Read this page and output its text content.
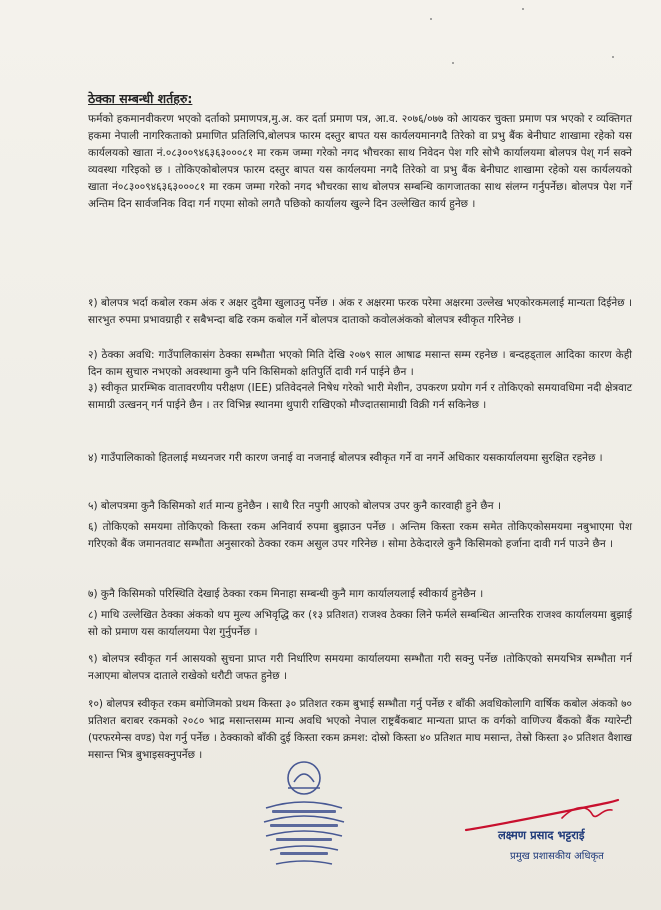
ठेक्का सम्बन्धी शर्तहरु:

फर्मको हकमानवीकरण भएको दर्ताको प्रमाणपत्र,मु.अ. कर दर्ता प्रमाण पत्र, आ.व. २०७६/०७७ को आयकर चुक्ता प्रमाण पत्र भएको र व्यक्तिगत हकमा नेपाली नागरिकताको प्रमाणित प्रतिलिपि,बोलपत्र फारम दस्तुर बापत यस कार्यलयमानगदै तिरेको वा प्रभु बैंक बेनीघाट शाखामा रहेको यस कार्यलयको खाता नं.०८३००९४६३६३०००८१ मा रकम जम्मा गरेको नगद भौचरका साथ निवेदन पेश गरि सोभै कार्यालयमा बोलपत्र पेश् गर्न सक्ने व्यवस्था गरिइको छ । तोकिएकोबोलपत्र फारम दस्तुर बापत यस कार्यलयमा नगदै तिरेको वा प्रभु बैंक बेनीघाट शाखामा रहेको यस कार्यलयको खाता नं०८३००९४६३६३०००८१ मा रकम जम्मा गरेको नगद भौचरका साथ बोलपत्र सम्बन्धि कागजातका साथ संलग्न गर्नुपर्नेछ। बोलपत्र पेश गर्ने अन्तिम दिन सार्वजनिक विदा गर्न गएमा सोको लगतै पछिको कार्यालय खुल्ने दिन उल्लेखित कार्य हुनेछ ।

१) बोलपत्र भर्दा कबोल रकम अंक र अक्षर दुवैमा खुलाउनु पर्नेछ । अंक र अक्षरमा फरक परेमा अक्षरमा उल्लेख भएकोरकमलाई मान्यता दिईनेछ । सारभुत रुपमा प्रभावग्राही र सबैभन्दा बढि रकम कबोल गर्ने बोलपत्र दाताको कवोलअंकको बोलपत्र स्वीकृत गरिनेछ ।

२) ठेक्का अवधि: गाउँपालिकासंग ठेक्का सम्भौता भएको मिति देखि २०७९ साल आषाढ मसान्त सम्म रहनेछ । बन्दहड्ताल आदिका कारण केही दिन काम सुचारु नभएको अवस्थामा कुनै पनि किसिमको क्षतिपुर्ति दावी गर्न पाईने छैन ।

३) स्वीकृत प्रारम्भिक वातावरणीय परीक्षण (IEE) प्रतिवेदनले निषेध गरेको भारी मेशीन, उपकरण प्रयोग गर्न र तोकिएको समयावधिमा नदी क्षेत्रवाट सामाग्री उत्खनन् गर्न पाईने छैन । तर विभिन्न स्थानमा थुपारी राखिएको मौज्दातसामाग्री विक्री गर्न सकिनेछ ।

४) गाउँपालिकाको हितलाई मध्यनजर गरी कारण जनाई वा नजनाई बोलपत्र स्वीकृत गर्ने वा नगर्ने अधिकार यसकार्यालयमा सुरक्षित रहनेछ ।

५) बोलपत्रमा कुनै किसिमको शर्त मान्य हुनेछैन । साथै रित नपुगी आएको बोलपत्र उपर कुनै कारवाही हुने छैन ।

६) तोकिएको समयमा तोकिएको किस्ता रकम अनिवार्य रुपमा बुझाउन पर्नेछ । अन्तिम किस्ता रकम समेत तोकिएकोसमयमा नबुभाएमा पेश गरिएको बैंक जमानतवाट सम्भौता अनुसारको ठेक्का रकम असुल उपर गरिनेछ । सोमा ठेकेदारले कुनै किसिमको हर्जाना दावी गर्न पाउने छैन ।

७) कुनै किसिमको परिस्थिति देखाई ठेक्का रकम मिनाहा सम्बन्धी कुनै माग कार्यालयलाई स्वीकार्य हुनेछैन ।

८) माथि उल्लेखित ठेक्का अंकको थप मुल्य अभिवृद्धि कर (१३ प्रतिशत) राजश्व ठेक्का लिने फर्मले सम्बन्धित आन्तरिक राजश्व कार्यालयमा बुझाई सो को प्रमाण यस कार्यालयमा पेश गुर्नुपर्नेछ ।

९) बोलपत्र स्वीकृत गर्न आसयको सुचना प्राप्त गरी निर्धारिण समयमा कार्यालयमा सम्भौता गरी सक्नु पर्नेछ ।तोकिएको समयभित्र सम्भौता गर्न नआएमा बोलपत्र दाताले राखेको धरौटी जफत हुनेछ ।

१०) बोलपत्र स्वीकृत रकम बमोजिमको प्रथम किस्ता ३० प्रतिशत रकम बुभाई सम्भौता गर्नु पर्नेछ र बाँकी अवधिकोलागि वार्षिक कबोल अंकको ७० प्रतिशत बराबर रकमको २०८० भाद्र मसान्तसम्म मान्य अवधि भएको नेपाल राष्ट्रबैंकबाट मान्यता प्राप्त क वर्गको वाणिज्य बैंकको बैंक ग्यारेन्टी (परफरमेन्स वण्ड) पेश गर्नु पर्नेछ । ठेक्काको बाँकी दुई किस्ता रकम क्रमश: दोस्रो किस्ता ४० प्रतिशत माघ मसान्त, तेस्रो किस्ता ३० प्रतिशत वैशाख मसान्त भित्र बुभाइसक्नुपर्नेछ ।

लक्ष्मण प्रसाद भट्टराई
प्रमुख प्रशासकीय अधिकृत
